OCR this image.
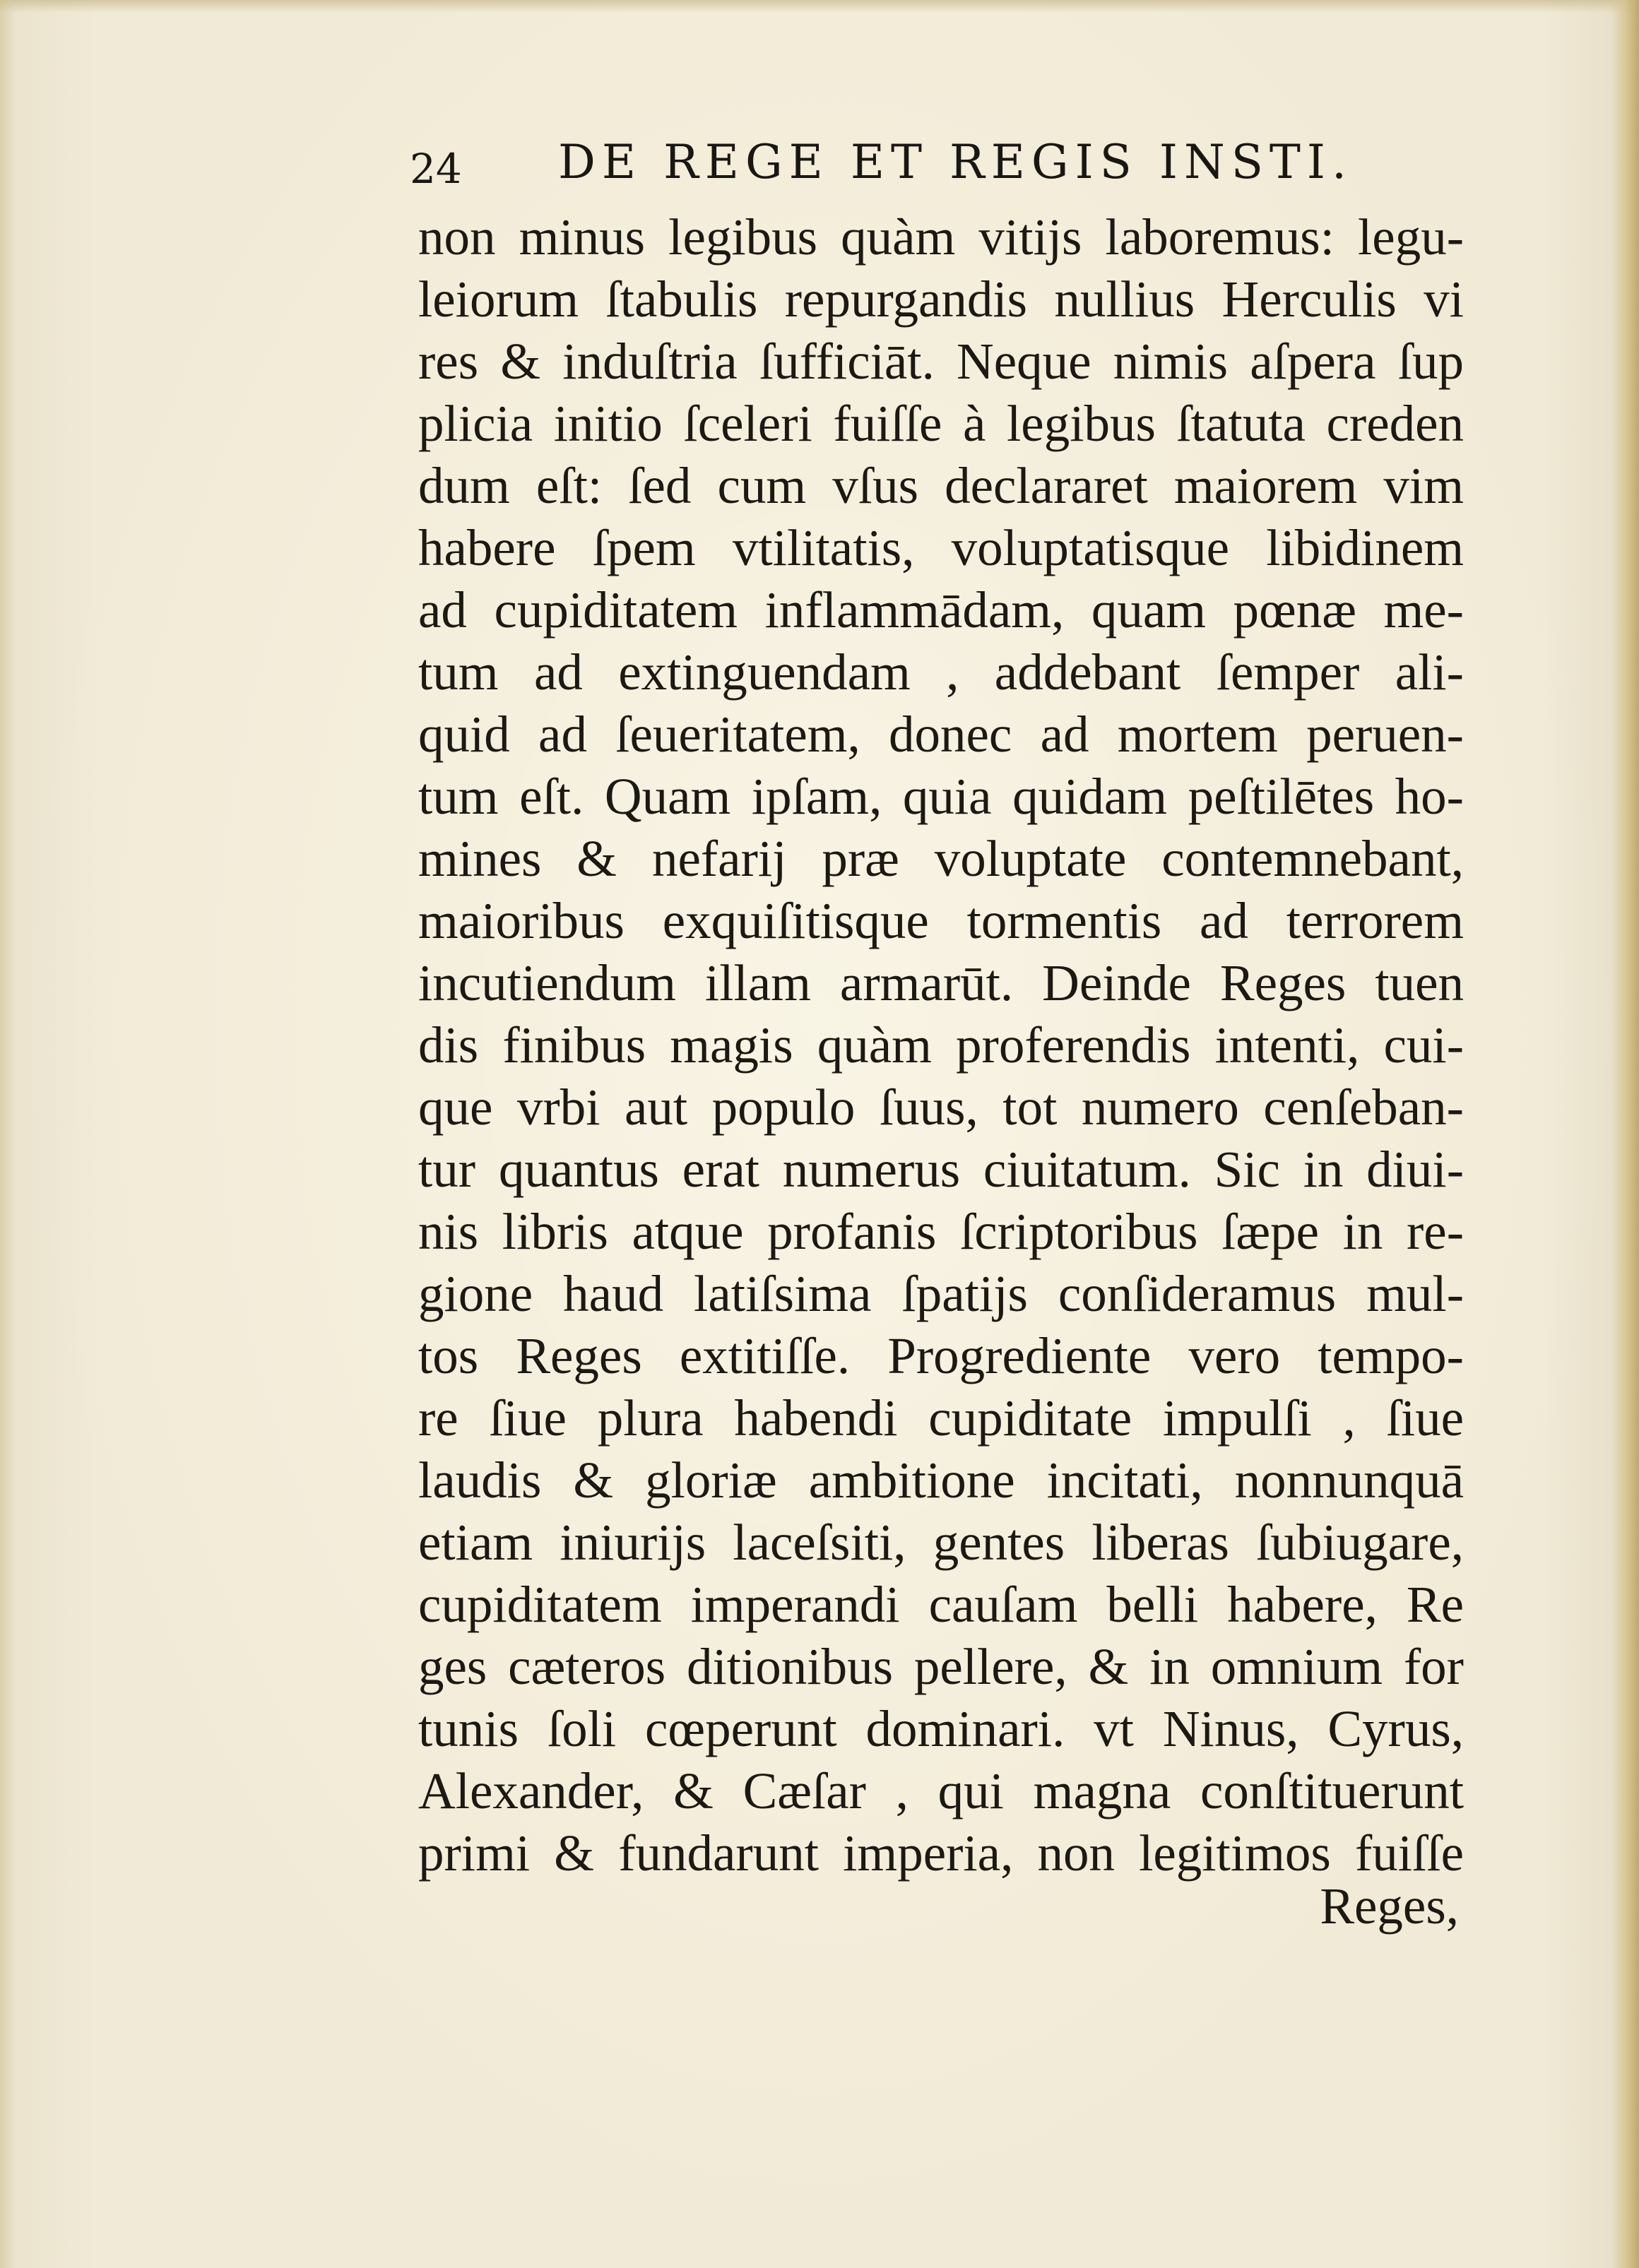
24 DE REGE ET REGIS INSTI.
non minus legibus quàm vitijs laboremus: legu-
leiorum ſtabulis repurgandis nullius Herculis vi
res & induſtria ſufficiāt. Neque nimis aſpera ſup
plicia initio ſceleri fuiſſe à legibus ſtatuta creden
dum eſt: ſed cum vſus declararet maiorem vim
habere ſpem vtilitatis, voluptatisque libidinem
ad cupiditatem inflammādam, quam pœnæ me-
tum ad extinguendam , addebant ſemper ali-
quid ad ſeueritatem, donec ad mortem peruen-
tum eſt. Quam ipſam, quia quidam peſtilētes ho-
mines & nefarij præ voluptate contemnebant,
maioribus exquiſitisque tormentis ad terrorem
incutiendum illam armarūt. Deinde Reges tuen
dis finibus magis quàm proferendis intenti, cui-
que vrbi aut populo ſuus, tot numero cenſeban-
tur quantus erat numerus ciuitatum. Sic in diui-
nis libris atque profanis ſcriptoribus ſæpe in re-
gione haud latiſsima ſpatijs conſideramus mul-
tos Reges extitiſſe. Progrediente vero tempo-
re ſiue plura habendi cupiditate impulſi , ſiue
laudis & gloriæ ambitione incitati, nonnunquā
etiam iniurijs laceſsiti, gentes liberas ſubiugare,
cupiditatem imperandi cauſam belli habere, Re
ges cæteros ditionibus pellere, & in omnium for
tunis ſoli cœperunt dominari. vt Ninus, Cyrus,
Alexander, & Cæſar , qui magna conſtituerunt
primi & fundarunt imperia, non legitimos fuiſſe
Reges,
